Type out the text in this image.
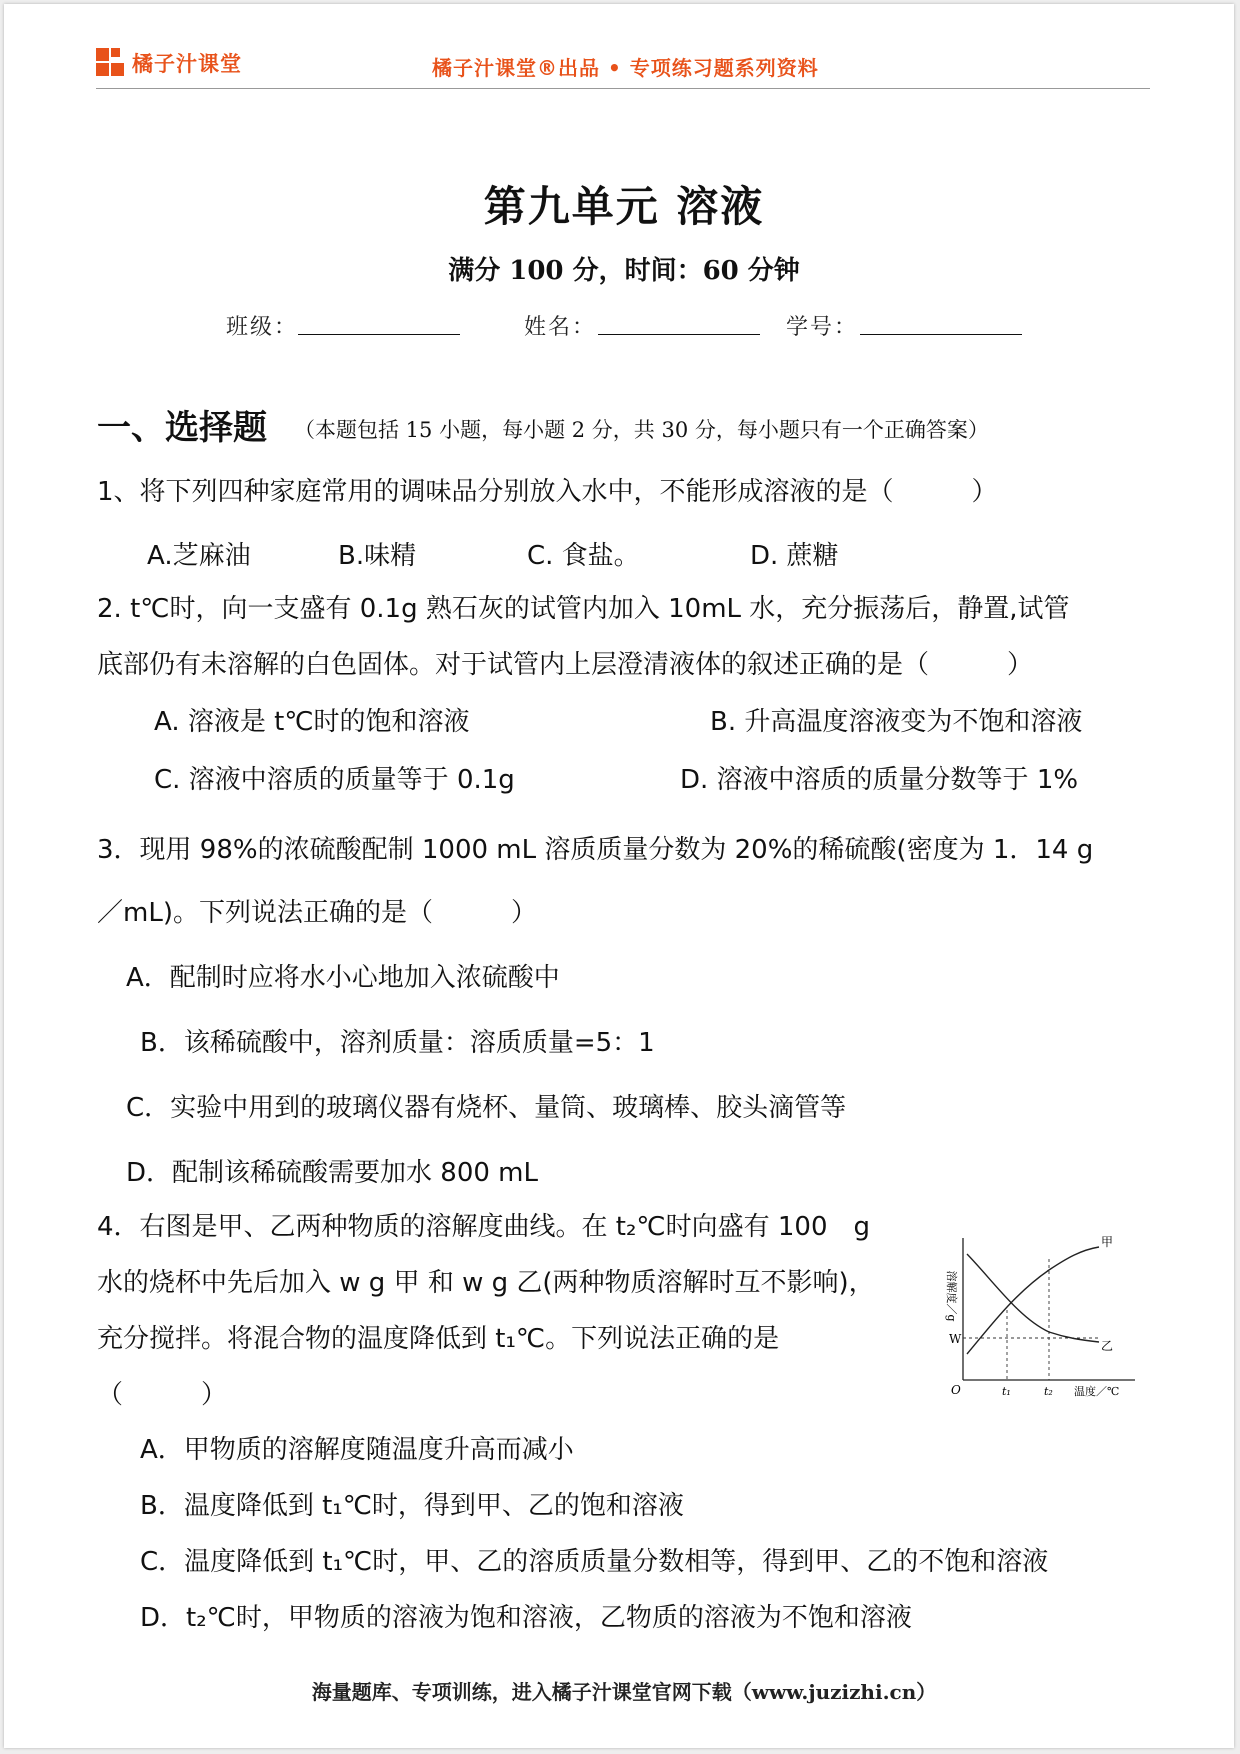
橘子汁课堂	橘子汁课堂®出品 • 专项练习题系列资料
第九单元 溶液
满分 100 分，时间：60 分钟
班级：	姓名：	学号：
一、选择题 （本题包括 15 小题，每小题 2 分，共 30 分，每小题只有一个正确答案）
1、将下列四种家庭常用的调味品分别放入水中，不能形成溶液的是（　　　）
A.芝麻油	B.味精	C. 食盐。	D. 蔗糖
2. t℃时，向一支盛有 0.1g 熟石灰的试管内加入 10mL 水，充分振荡后，静置,试管
底部仍有未溶解的白色固体。对于试管内上层澄清液体的叙述正确的是（　　　）
A. 溶液是 t℃时的饱和溶液	B. 升高温度溶液变为不饱和溶液
C. 溶液中溶质的质量等于 0.1g	D. 溶液中溶质的质量分数等于 1%
3．现用 98%的浓硫酸配制 1000 mL 溶质质量分数为 20%的稀硫酸(密度为 1．14 g
／mL)。下列说法正确的是（　　　）
A．配制时应将水小心地加入浓硫酸中
B．该稀硫酸中，溶剂质量：溶质质量=5：1
C．实验中用到的玻璃仪器有烧杯、量筒、玻璃棒、胶头滴管等
D．配制该稀硫酸需要加水 800 mL
4．右图是甲、乙两种物质的溶解度曲线。在 t₂℃时向盛有 100　g
水的烧杯中先后加入 w g 甲 和 w g 乙(两种物质溶解时互不影响)，
充分搅拌。将混合物的温度降低到 t₁℃。下列说法正确的是
（　　　）
溶解度／g
W
O	t₁	t₂ 温度／℃
甲
乙
A．甲物质的溶解度随温度升高而减小
B．温度降低到 t₁℃时，得到甲、乙的饱和溶液
C．温度降低到 t₁℃时，甲、乙的溶质质量分数相等，得到甲、乙的不饱和溶液
D．t₂℃时，甲物质的溶液为饱和溶液，乙物质的溶液为不饱和溶液
海量题库、专项训练，进入橘子汁课堂官网下载（www.juzizhi.cn）
